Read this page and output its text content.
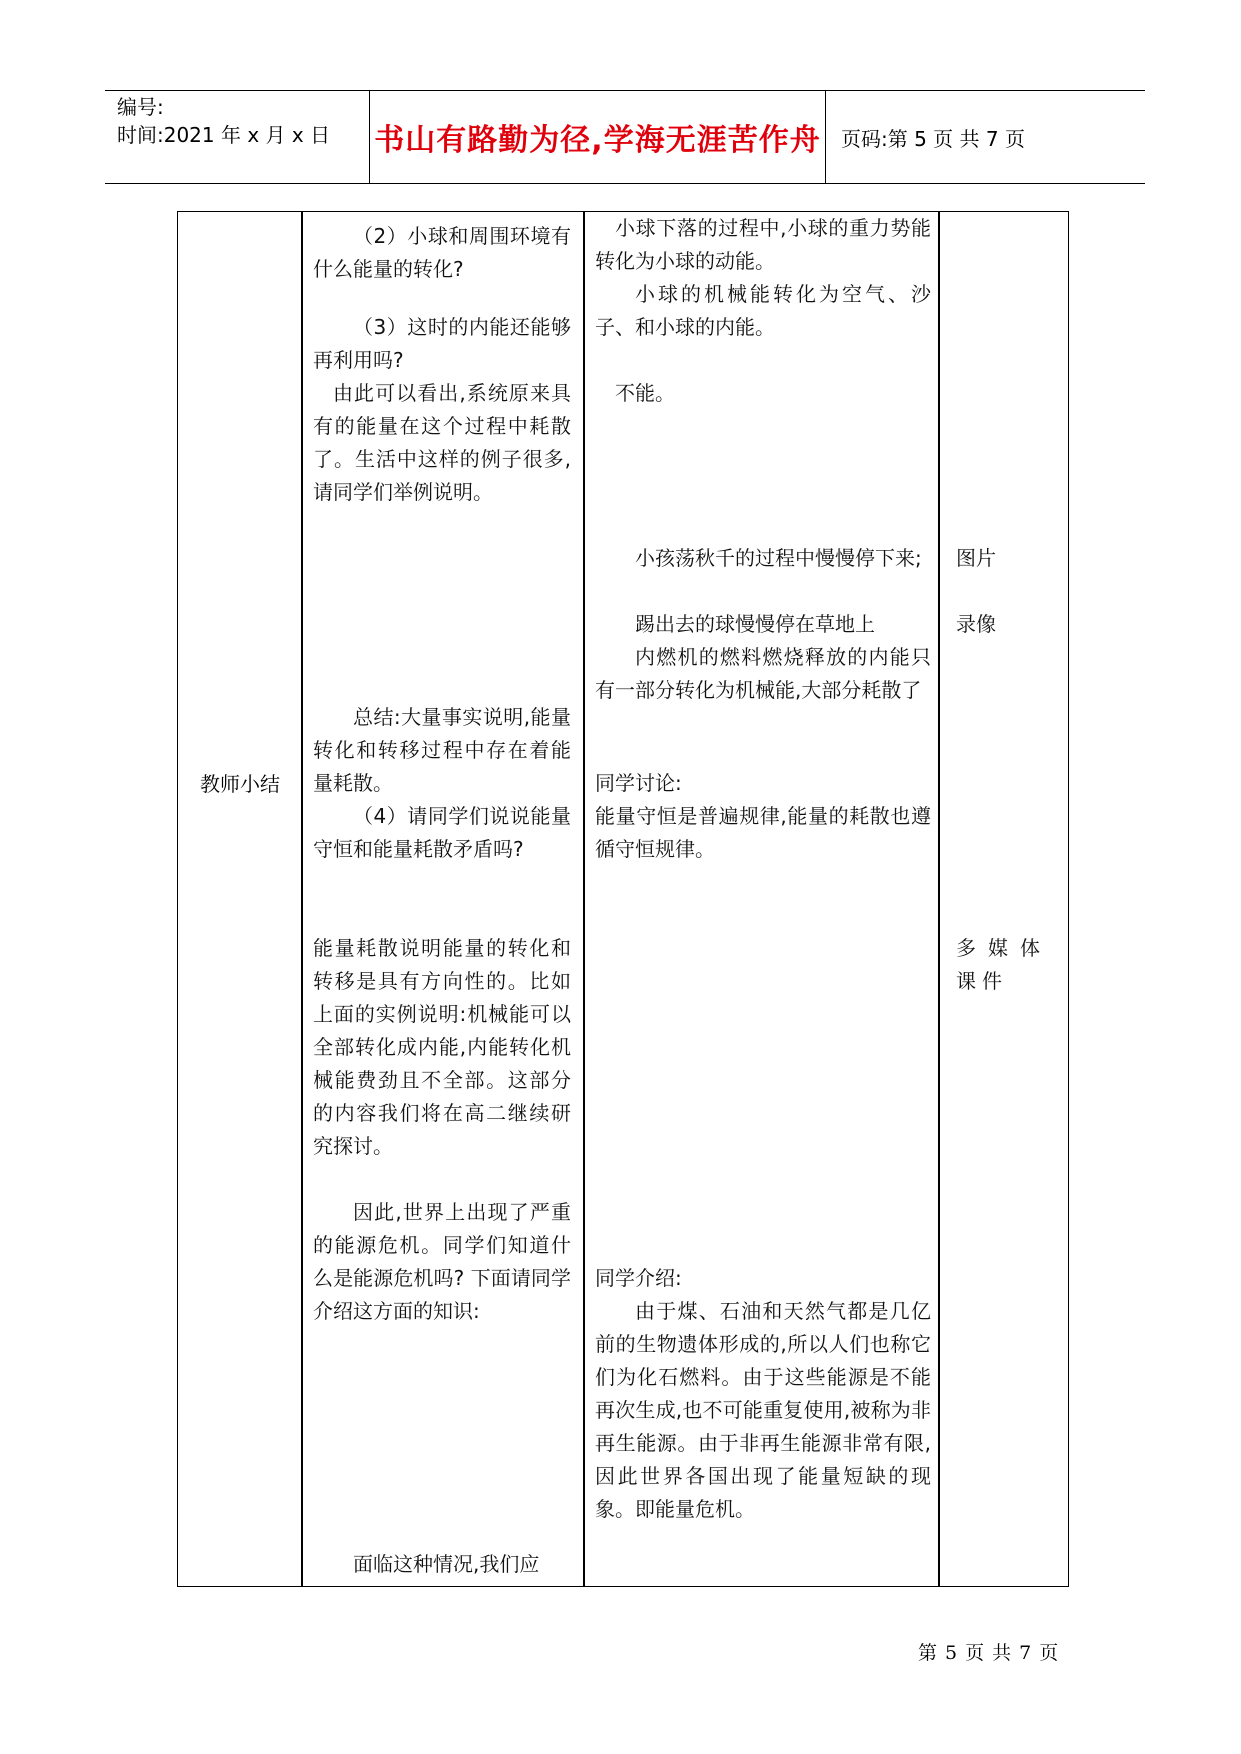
编号:
时间:2021 年 x 月 x 日	书山有路勤为径,学海无涯苦作舟 页码:第 5 页 共 7 页
教师小结
（2）小球和周围环境有什么能量的转化?
（3）这时的内能还能够再利用吗?
由此可以看出,系统原来具有的能量在这个过程中耗散了。生活中这样的例子很多,请同学们举例说明。
总结:大量事实说明,能量转化和转移过程中存在着能量耗散。
（4）请同学们说说能量守恒和能量耗散矛盾吗?
能量耗散说明能量的转化和转移是具有方向性的。比如上面的实例说明:机械能可以全部转化成内能,内能转化机械能费劲且不全部。这部分的内容我们将在高二继续研究探讨。
因此,世界上出现了严重的能源危机。同学们知道什么是能源危机吗? 下面请同学介绍这方面的知识:
面临这种情况,我们应
小球下落的过程中,小球的重力势能转化为小球的动能。
小球的机械能转化为空气、沙子、和小球的内能。
不能。
小孩荡秋千的过程中慢慢停下来;
踢出去的球慢慢停在草地上
内燃机的燃料燃烧释放的内能只有一部分转化为机械能,大部分耗散了
同学讨论:
能量守恒是普遍规律,能量的耗散也遵循守恒规律。
同学介绍:
由于煤、石油和天然气都是几亿前的生物遗体形成的,所以人们也称它们为化石燃料。由于这些能源是不能再次生成,也不可能重复使用,被称为非再生能源。由于非再生能源非常有限,因此世界各国出现了能量短缺的现象。即能量危机。
图片
录像
多媒体课件
第 5 页 共 7 页
